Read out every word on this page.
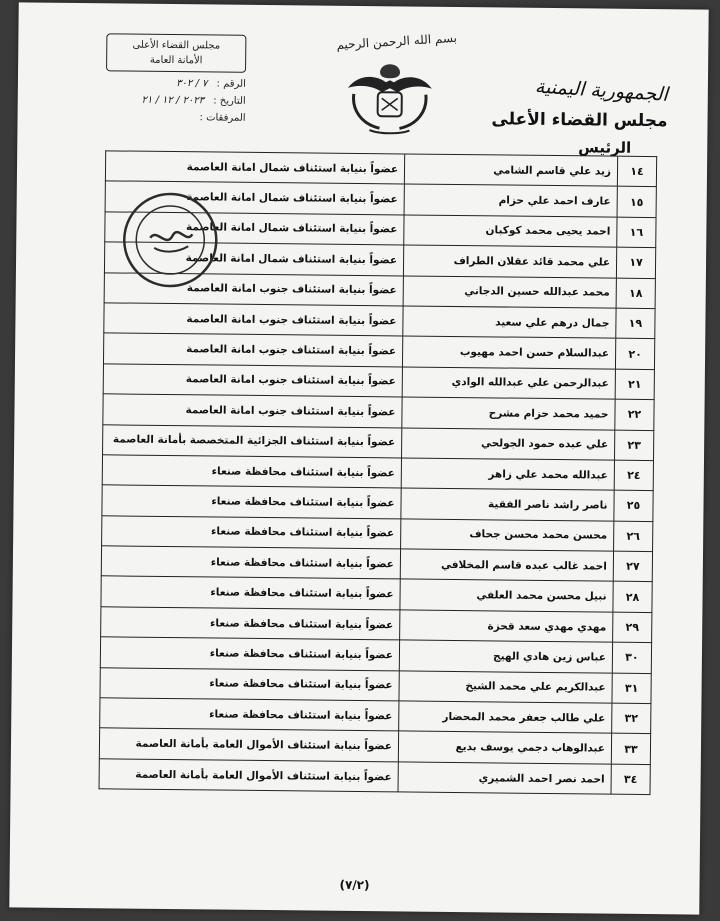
بسم الله الرحمن الرحيم
الجمهورية اليمنية
مجلس القضاء الأعلى
الرئيس
مجلس القضاء الأعلى
الأمانة العامة
الرقم : ٧ / ٣٠٢
التاريخ : ٢٠٢٣ / ١٢ / ٢١
المرفقات :
١٤	زيد علي قاسم الشامي	عضواً بنيابة استئناف شمال امانة العاصمة
١٥	عارف احمد علي حزام	عضواً بنيابة استئناف شمال امانة العاصمة
١٦	احمد يحيى محمد كوكبان	عضواً بنيابة استئناف شمال امانة العاصمة
١٧	علي محمد قائد عقلان الطراف	عضواً بنيابة استئناف شمال امانة العاصمة
١٨	محمد عبدالله حسين الدجاني	عضواً بنيابة استئناف جنوب امانة العاصمة
١٩	جمال درهم علي سعيد	عضواً بنيابة استئناف جنوب امانة العاصمة
٢٠	عبدالسلام حسن احمد مهيوب	عضواً بنيابة استئناف جنوب امانة العاصمة
٢١	عبدالرحمن علي عبدالله الوادي	عضواً بنيابة استئناف جنوب امانة العاصمة
٢٢	حميد محمد حزام مشرح	عضواً بنيابة استئناف جنوب امانة العاصمة
٢٣	علي عبده حمود الجولحي	عضواً بنيابة استئناف الجزائية المتخصصة بأمانة العاصمة
٢٤	عبدالله محمد علي زاهر	عضواً بنيابة استئناف محافظة صنعاء
٢٥	ناصر راشد ناصر الفقية	عضواً بنيابة استئناف محافظة صنعاء
٢٦	محسن محمد محسن جحاف	عضواً بنيابة استئناف محافظة صنعاء
٢٧	احمد غالب عبده قاسم المخلافي	عضواً بنيابة استئناف محافظة صنعاء
٢٨	نبيل محسن محمد العلفي	عضواً بنيابة استئناف محافظة صنعاء
٢٩	مهدي مهدي سعد قحزة	عضواً بنيابة استئناف محافظة صنعاء
٣٠	عباس زين هادي الهيج	عضواً بنيابة استئناف محافظة صنعاء
٣١	عبدالكريم علي محمد الشيخ	عضواً بنيابة استئناف محافظة صنعاء
٣٢	علي طالب جعفر محمد المحضار	عضواً بنيابة استئناف محافظة صنعاء
٣٣	عبدالوهاب دجمي يوسف بديع	عضواً بنيابة استئناف الأموال العامة بأمانة العاصمة
٣٤	احمد نصر احمد الشميري	عضواً بنيابة استئناف الأموال العامة بأمانة العاصمة
(٧/٢)
